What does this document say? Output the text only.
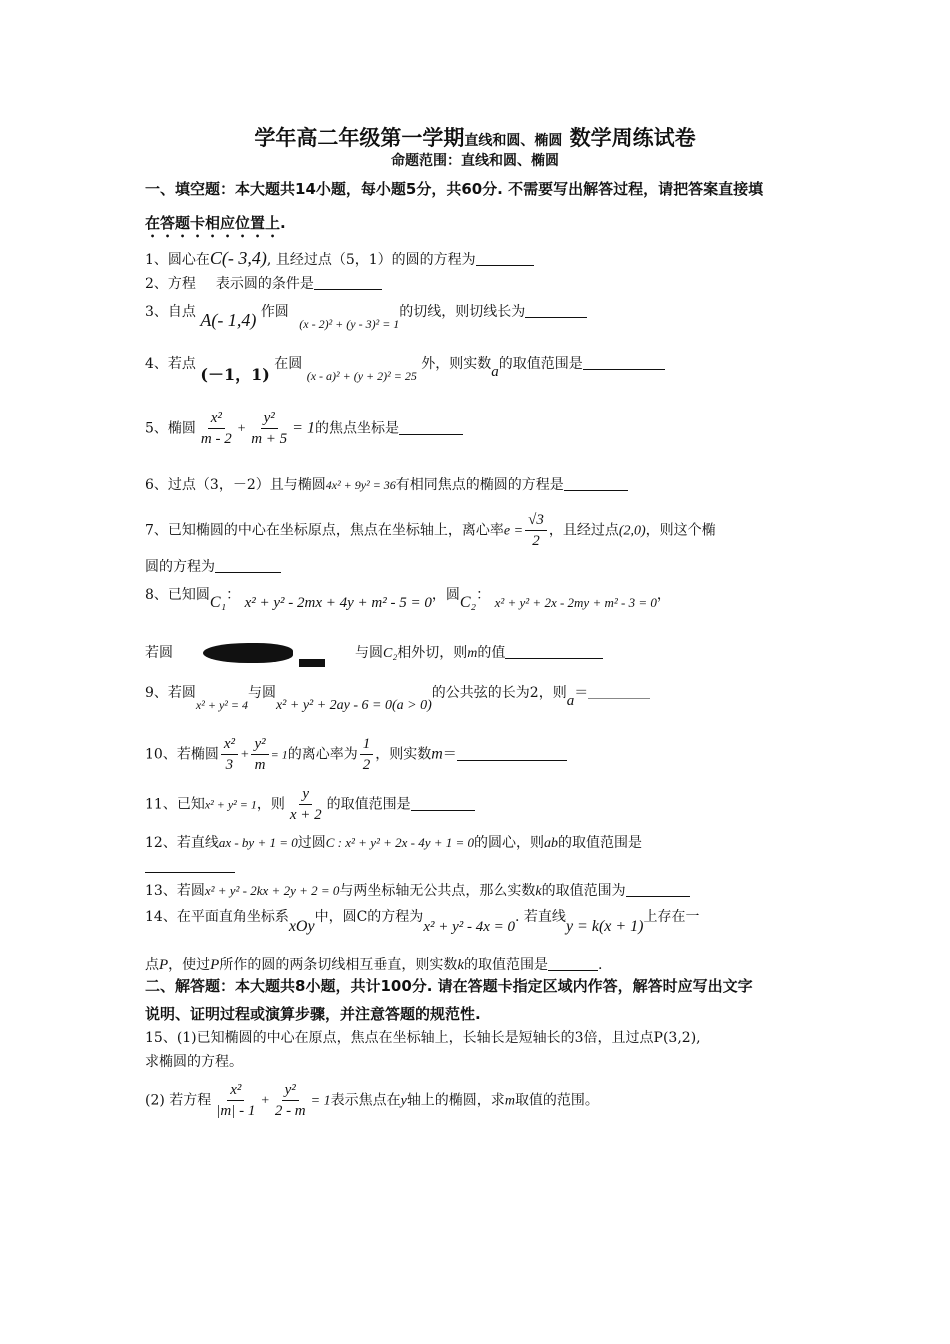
学年高二年级第一学期直线和圆、椭圆 数学周练试卷
命题范围：直线和圆、椭圆
一、填空题：本大题共14小题，每小题5分，共60分. 不需要写出解答过程，请把答案直接填
在答题卡相应位置上.
1、圆心在C(- 3,4), 且经过点（5，1）的圆的方程为
2、方程 表示圆的条件是
3、自点 A(- 1,4) 作圆 (x - 2)² + (y - 3)² = 1的切线，则切线长为
4、若点 (－1，1) 在圆 (x - a)² + (y + 2)² = 25 外，则实数a的取值范围是
5、椭圆 $\frac{\text{x²}}{m - 2} + \frac{\text{y²}}{m + 5} = 1$的焦点坐标是
6、过点（3，－2）且与椭圆4x² + 9y² = 36有相同焦点的椭圆的方程是
7、已知椭圆的中心在坐标原点，焦点在坐标轴上，离心率$e = \frac{√3}{2}$ ，且经过点(2,0)，则这个椭
圆的方程为
8、已知圆C₁： x² + y² - 2mx + 4y + m² - 5 = 0，圆C₂： x² + y² + 2x - 2my + m² - 3 = 0，
若圆	与圆C₂相外切，则m的值
9、若圆x² + y² = 4与圆x² + y² + 2ay - 6 = 0(a > 0)的公共弦的长为2，则a＝
10、若椭圆 $\frac{\text{x²}}{3} + \frac{\text{y²}}{m} = 1$的离心率为 $\frac{1}{2}$ ，则实数m＝
11、已知x² + y² = 1，则 $\frac{y}{x + 2}$ 的取值范围是
12、若直线ax - by + 1 = 0过圆C : x² + y² + 2x - 4y + 1 = 0的圆心，则ab的取值范围是
13、若圆x² + y² - 2kx + 2y + 2 = 0与两坐标轴无公共点，那么实数k的取值范围为
14、在平面直角坐标系xOy中，圆C的方程为x² + y² - 4x = 0. 若直线y = k(x + 1)上存在一
点P，使过P所作的圆的两条切线相互垂直，则实数k的取值范围是	.
二、解答题：本大题共8小题，共计100分. 请在答题卡指定区域内作答，解答时应写出文字
说明、证明过程或演算步骤，并注意答题的规范性.
15、(1)已知椭圆的中心在原点，焦点在坐标轴上，长轴长是短轴长的3倍，且过点P(3,2),
求椭圆的方程。
(2) 若方程 $\frac{\text{x²}}{|m| - 1} + \frac{\text{y²}}{2 - m} = 1$表示焦点在y轴上的椭圆，求m取值的范围。
